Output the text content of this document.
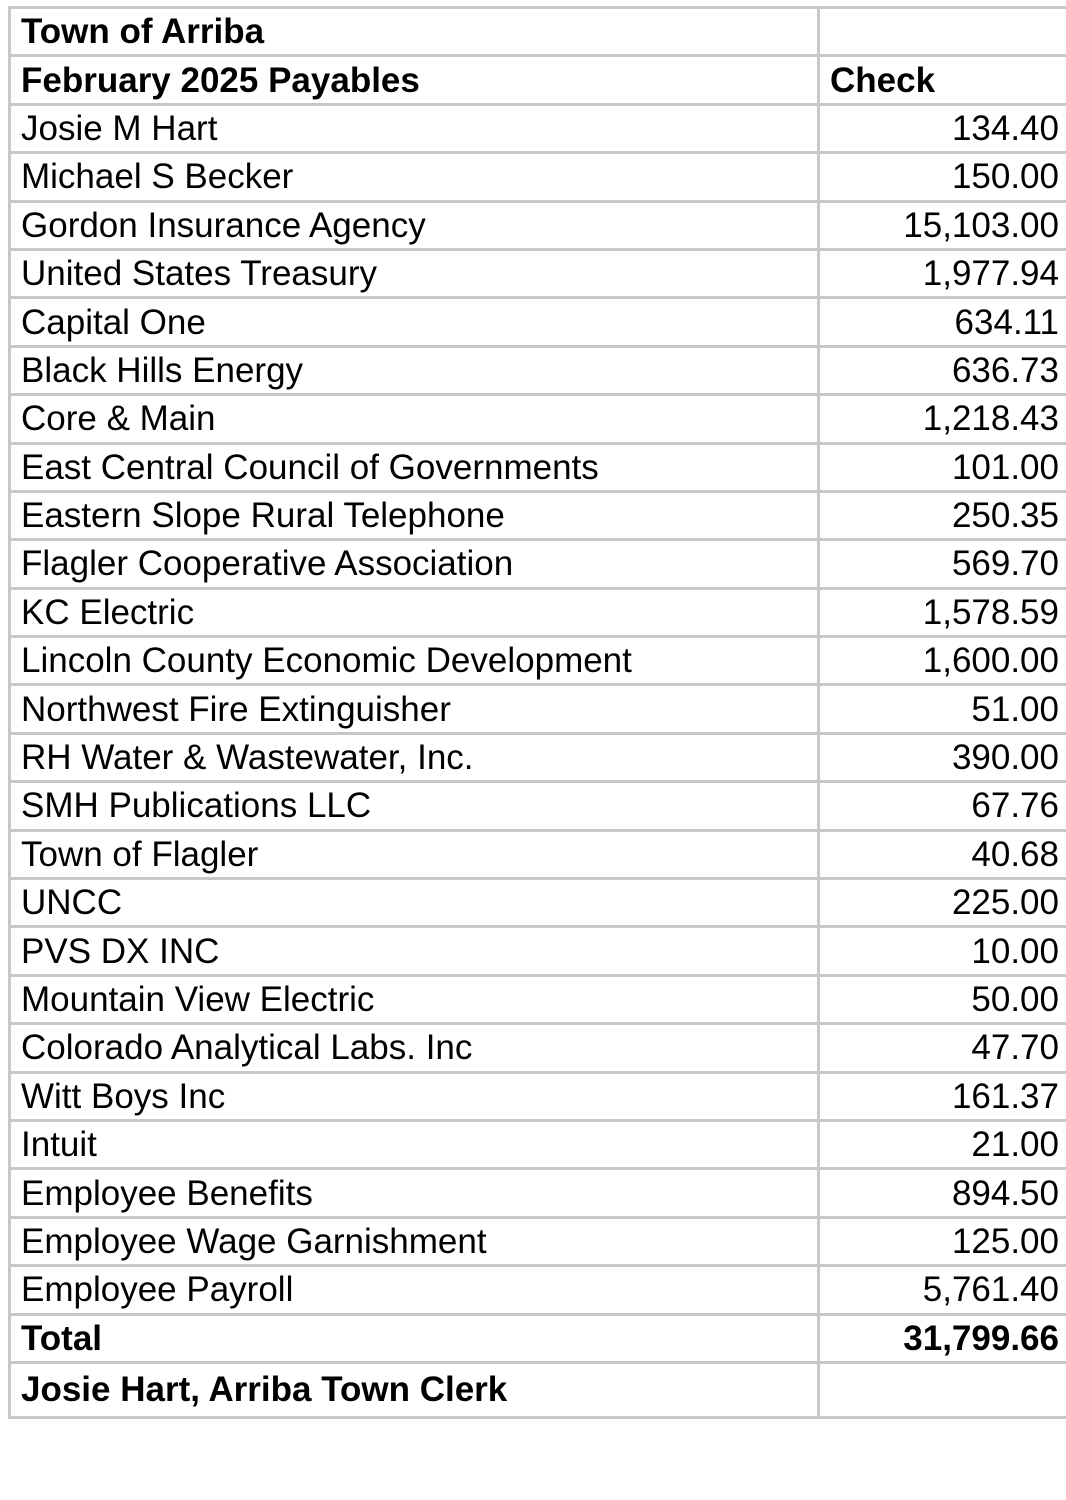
Town of Arriba	
February 2025 Payables	Check
Josie M Hart	134.40
Michael S Becker	150.00
Gordon Insurance Agency	15,103.00
United States Treasury	1,977.94
Capital One	634.11
Black Hills Energy	636.73
Core & Main	1,218.43
East Central Council of Governments	101.00
Eastern Slope Rural Telephone	250.35
Flagler Cooperative Association	569.70
KC Electric	1,578.59
Lincoln County Economic Development	1,600.00
Northwest Fire Extinguisher	51.00
RH Water & Wastewater, Inc.	390.00
SMH Publications LLC	67.76
Town of Flagler	40.68
UNCC	225.00
PVS DX INC	10.00
Mountain View Electric	50.00
Colorado Analytical Labs. Inc	47.70
Witt Boys Inc	161.37
Intuit	21.00
Employee Benefits	894.50
Employee Wage Garnishment	125.00
Employee Payroll	5,761.40
Total	31,799.66
Josie Hart, Arriba Town Clerk	
